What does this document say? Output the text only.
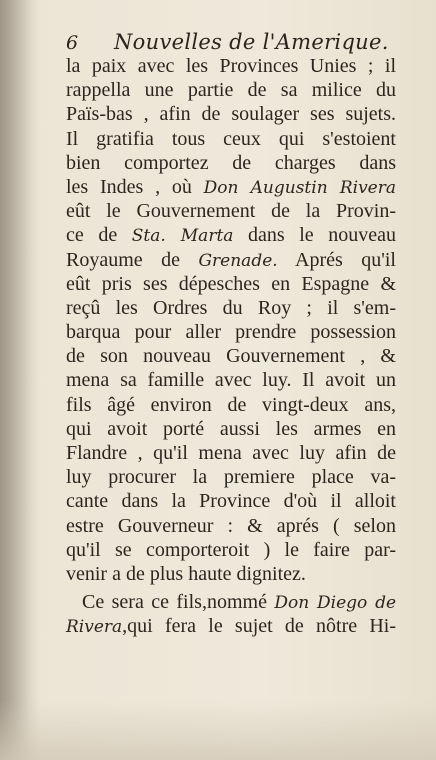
6 Nouvelles de l'Amerique.
la paix avec les Provinces Unies ; il
rappella une partie de sa milice du
Païs-bas , afin de soulager ses sujets.
Il gratifia tous ceux qui s'estoient
bien comportez de charges dans
les Indes , où Don Augustin Rivera
eût le Gouvernement de la Provin-
ce de Sta. Marta dans le nouveau
Royaume de Grenade. Aprés qu'il
eût pris ses dépesches en Espagne &
reçû les Ordres du Roy ; il s'em-
barqua pour aller prendre possession
de son nouveau Gouvernement , &
mena sa famille avec luy. Il avoit un
fils âgé environ de vingt-deux ans,
qui avoit porté aussi les armes en
Flandre , qu'il mena avec luy afin de
luy procurer la premiere place va-
cante dans la Province d'où il alloit
estre Gouverneur : & aprés ( selon
qu'il se comporteroit ) le faire par-
venir a de plus haute dignitez.
Ce sera ce fils,nommé Don Diego de
Rivera,qui fera le sujet de nôtre Hi-
